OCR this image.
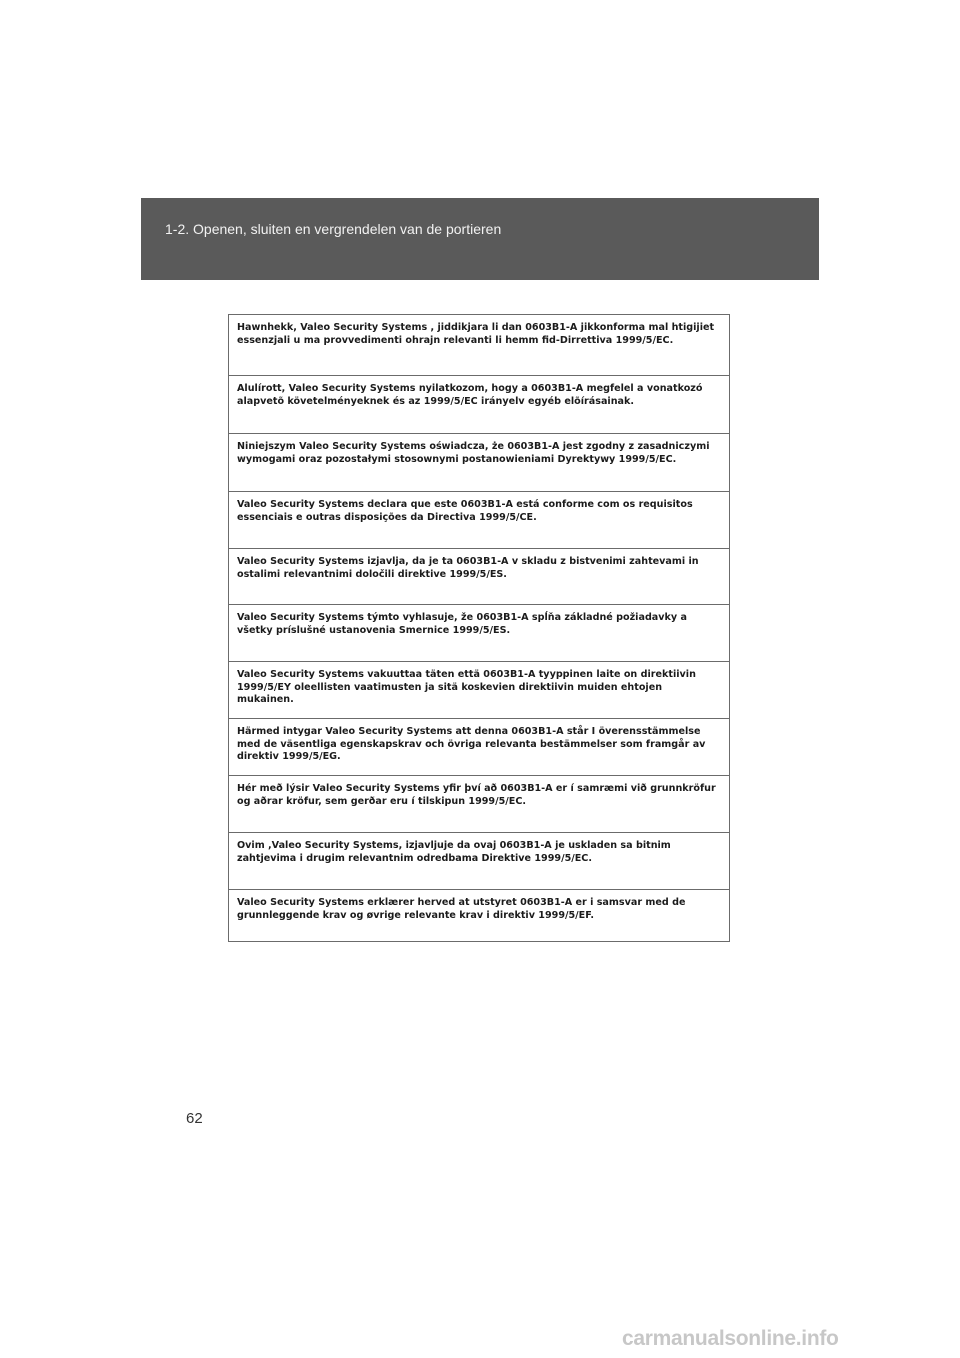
1-2. Openen, sluiten en vergrendelen van de portieren
Hawnhekk, Valeo Security Systems , jiddikjara li dan 0603B1-A jikkonforma mal htigijiet essenzjali u ma provvedimenti ohrajn relevanti li hemm fid-Dirrettiva 1999/5/EC.
Alulírott, Valeo Security Systems nyilatkozom, hogy a 0603B1-A megfelel a vonatkozó alapvetõ követelményeknek és az 1999/5/EC irányelv egyéb elõírásainak.
Niniejszym Valeo Security Systems oświadcza, że 0603B1-A jest zgodny z zasadniczymi wymogami oraz pozostałymi stosownymi postanowieniami Dyrektywy 1999/5/EC.
Valeo Security Systems declara que este 0603B1-A está conforme com os requisitos essenciais e outras disposições da Directiva 1999/5/CE.
Valeo Security Systems izjavlja, da je ta 0603B1-A v skladu z bistvenimi zahtevami in ostalimi relevantnimi določili direktive 1999/5/ES.
Valeo Security Systems týmto vyhlasuje, že 0603B1-A spĺňa základné požiadavky a všetky príslušné ustanovenia Smernice 1999/5/ES.
Valeo Security Systems vakuuttaa täten että 0603B1-A tyyppinen laite on direktiivin 1999/5/EY oleellisten vaatimusten ja sitä koskevien direktiivin muiden ehtojen mukainen.
Härmed intygar Valeo Security Systems att denna 0603B1-A står I överensstämmelse med de väsentliga egenskapskrav och övriga relevanta bestämmelser som framgår av direktiv 1999/5/EG.
Hér með lýsir Valeo Security Systems yfir því að 0603B1-A er í samræmi við grunnkröfur og aðrar kröfur, sem gerðar eru í tilskipun 1999/5/EC.
Ovim ,Valeo Security Systems, izjavljuje da ovaj 0603B1-A je uskladen sa bitnim zahtjevima i drugim relevantnim odredbama Direktive 1999/5/EC.
Valeo Security Systems erklærer herved at utstyret 0603B1-A er i samsvar med de grunnleggende krav og øvrige relevante krav i direktiv 1999/5/EF.
62
carmanualsonline.info
